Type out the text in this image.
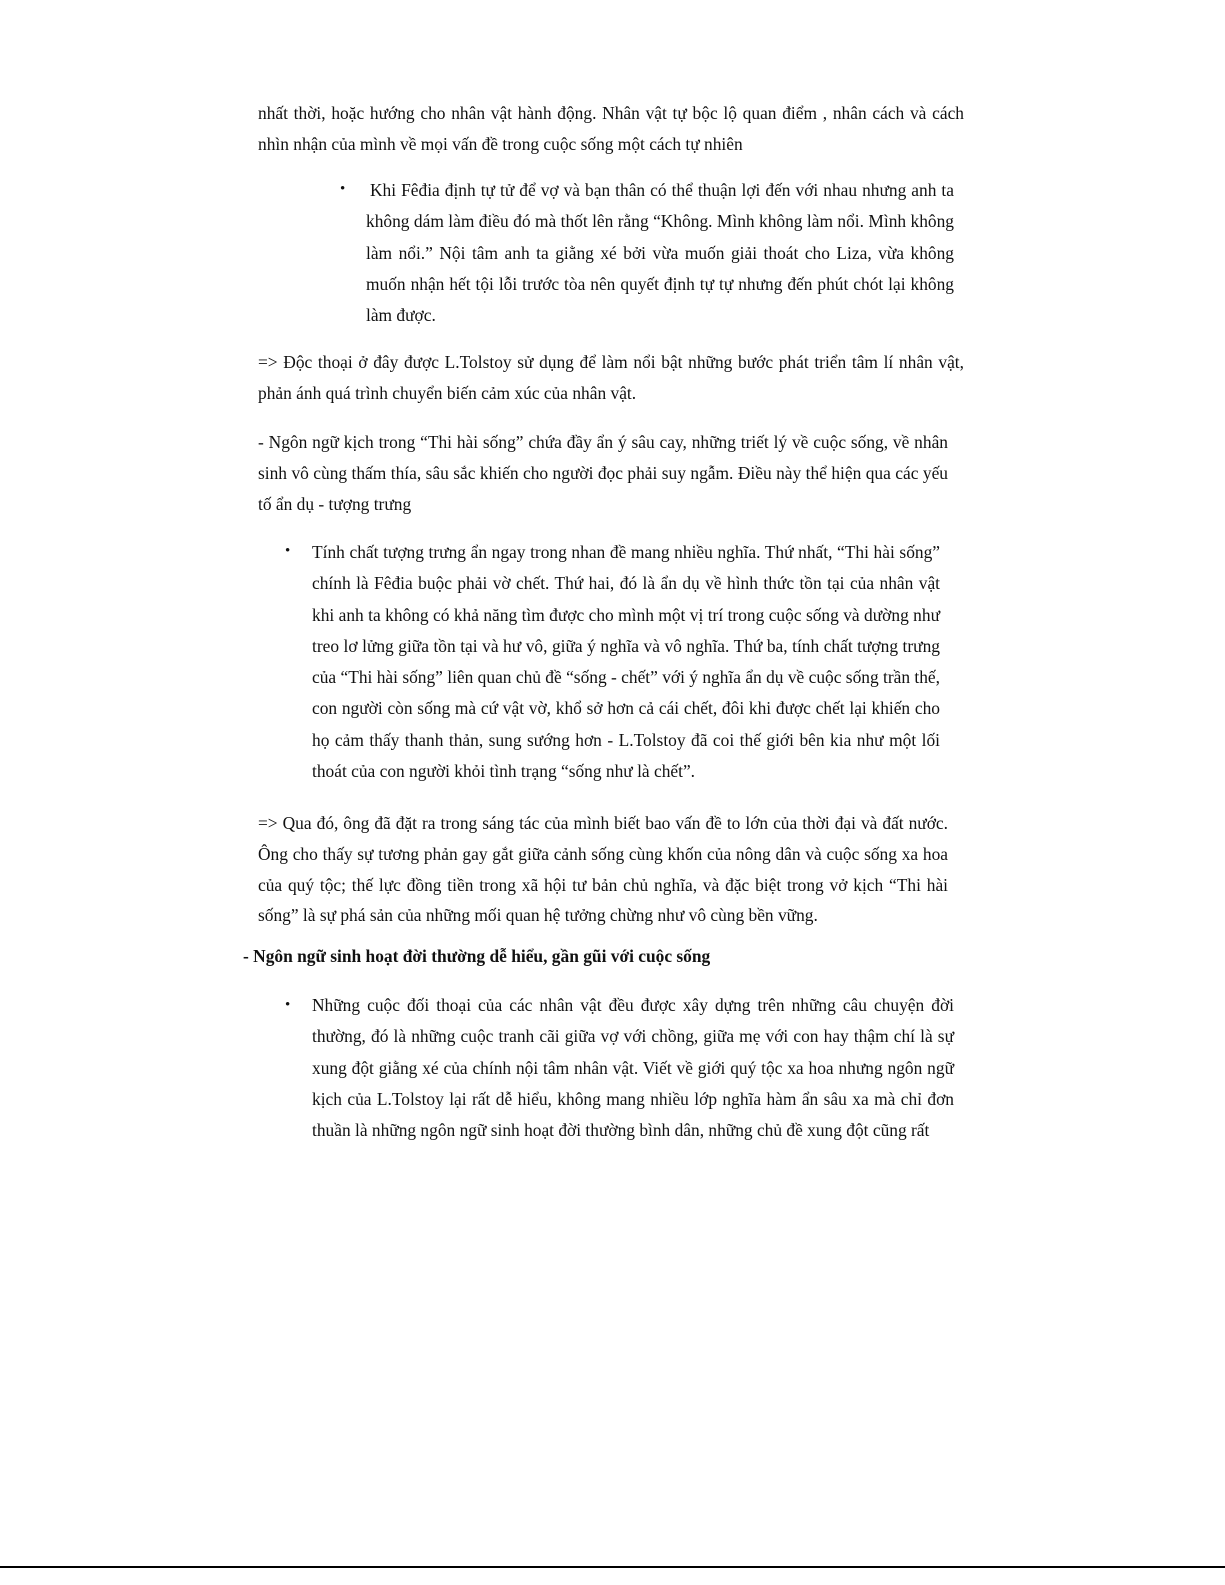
nhất thời, hoặc hướng cho nhân vật hành động. Nhân vật tự bộc lộ quan điểm , nhân cách và cách nhìn nhận của mình về mọi vấn đề trong cuộc sống một cách tự nhiên

• Khi Fêđia định tự tử để vợ và bạn thân có thể thuận lợi đến với nhau nhưng anh ta không dám làm điều đó mà thốt lên rằng “Không. Mình không làm nổi. Mình không làm nổi.” Nội tâm anh ta giằng xé bởi vừa muốn giải thoát cho Liza, vừa không muốn nhận hết tội lỗi trước tòa nên quyết định tự tự nhưng đến phút chót lại không làm được.

=> Độc thoại ở đây được L.Tolstoy sử dụng để làm nổi bật những bước phát triển tâm lí nhân vật, phản ánh quá trình chuyển biến cảm xúc của nhân vật.

- Ngôn ngữ kịch trong “Thi hài sống” chứa đầy ẩn ý sâu cay, những triết lý về cuộc sống, về nhân sinh vô cùng thấm thía, sâu sắc khiến cho người đọc phải suy ngẫm. Điều này thể hiện qua các yếu tố ẩn dụ - tượng trưng

• Tính chất tượng trưng ẩn ngay trong nhan đề mang nhiều nghĩa. Thứ nhất, “Thi hài sống” chính là Fêđia buộc phải vờ chết. Thứ hai, đó là ẩn dụ về hình thức tồn tại của nhân vật khi anh ta không có khả năng tìm được cho mình một vị trí trong cuộc sống và dường như treo lơ lửng giữa tồn tại và hư vô, giữa ý nghĩa và vô nghĩa. Thứ ba, tính chất tượng trưng của “Thi hài sống” liên quan chủ đề “sống - chết” với ý nghĩa ẩn dụ về cuộc sống trần thế, con người còn sống mà cứ vật vờ, khổ sở hơn cả cái chết, đôi khi được chết lại khiến cho họ cảm thấy thanh thản, sung sướng hơn - L.Tolstoy đã coi thế giới bên kia như một lối thoát của con người khỏi tình trạng “sống như là chết”.

=> Qua đó, ông đã đặt ra trong sáng tác của mình biết bao vấn đề to lớn của thời đại và đất nước. Ông cho thấy sự tương phản gay gắt giữa cảnh sống cùng khốn của nông dân và cuộc sống xa hoa của quý tộc; thế lực đồng tiền trong xã hội tư bản chủ nghĩa, và đặc biệt trong vở kịch “Thi hài sống” là sự phá sản của những mối quan hệ tưởng chừng như vô cùng bền vững.

- Ngôn ngữ sinh hoạt đời thường dễ hiểu, gần gũi với cuộc sống

• Những cuộc đối thoại của các nhân vật đều được xây dựng trên những câu chuyện đời thường, đó là những cuộc tranh cãi giữa vợ với chồng, giữa mẹ với con hay thậm chí là sự xung đột giằng xé của chính nội tâm nhân vật. Viết về giới quý tộc xa hoa nhưng ngôn ngữ kịch của L.Tolstoy lại rất dễ hiểu, không mang nhiều lớp nghĩa hàm ẩn sâu xa mà chỉ đơn thuần là những ngôn ngữ sinh hoạt đời thường bình dân, những chủ đề xung đột cũng rất
